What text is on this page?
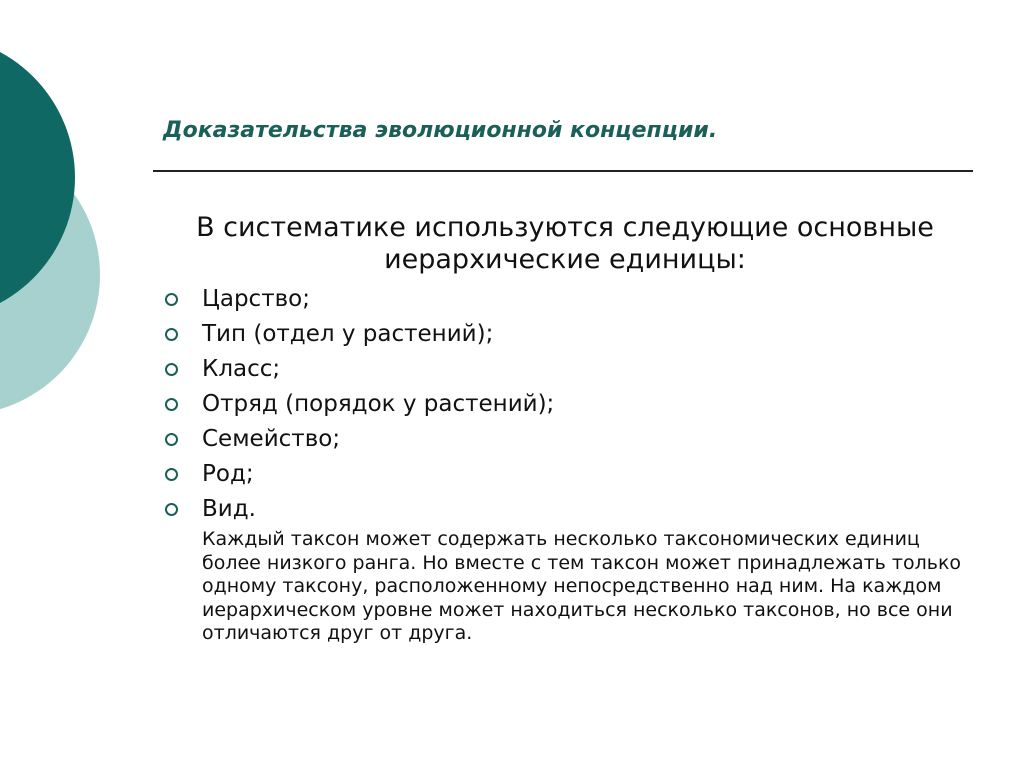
Доказательства эволюционной концепции.

В систематике используются следующие основные иерархические единицы:

Царство;
Тип (отдел у растений);
Класс;
Отряд (порядок у растений);
Семейство;
Род;
Вид.

Каждый таксон может содержать несколько таксономических единиц более низкого ранга. Но вместе с тем таксон может принадлежать только одному таксону, расположенному непосредственно над ним. На каждом иерархическом уровне может находиться несколько таксонов, но все они отличаются друг от друга.
